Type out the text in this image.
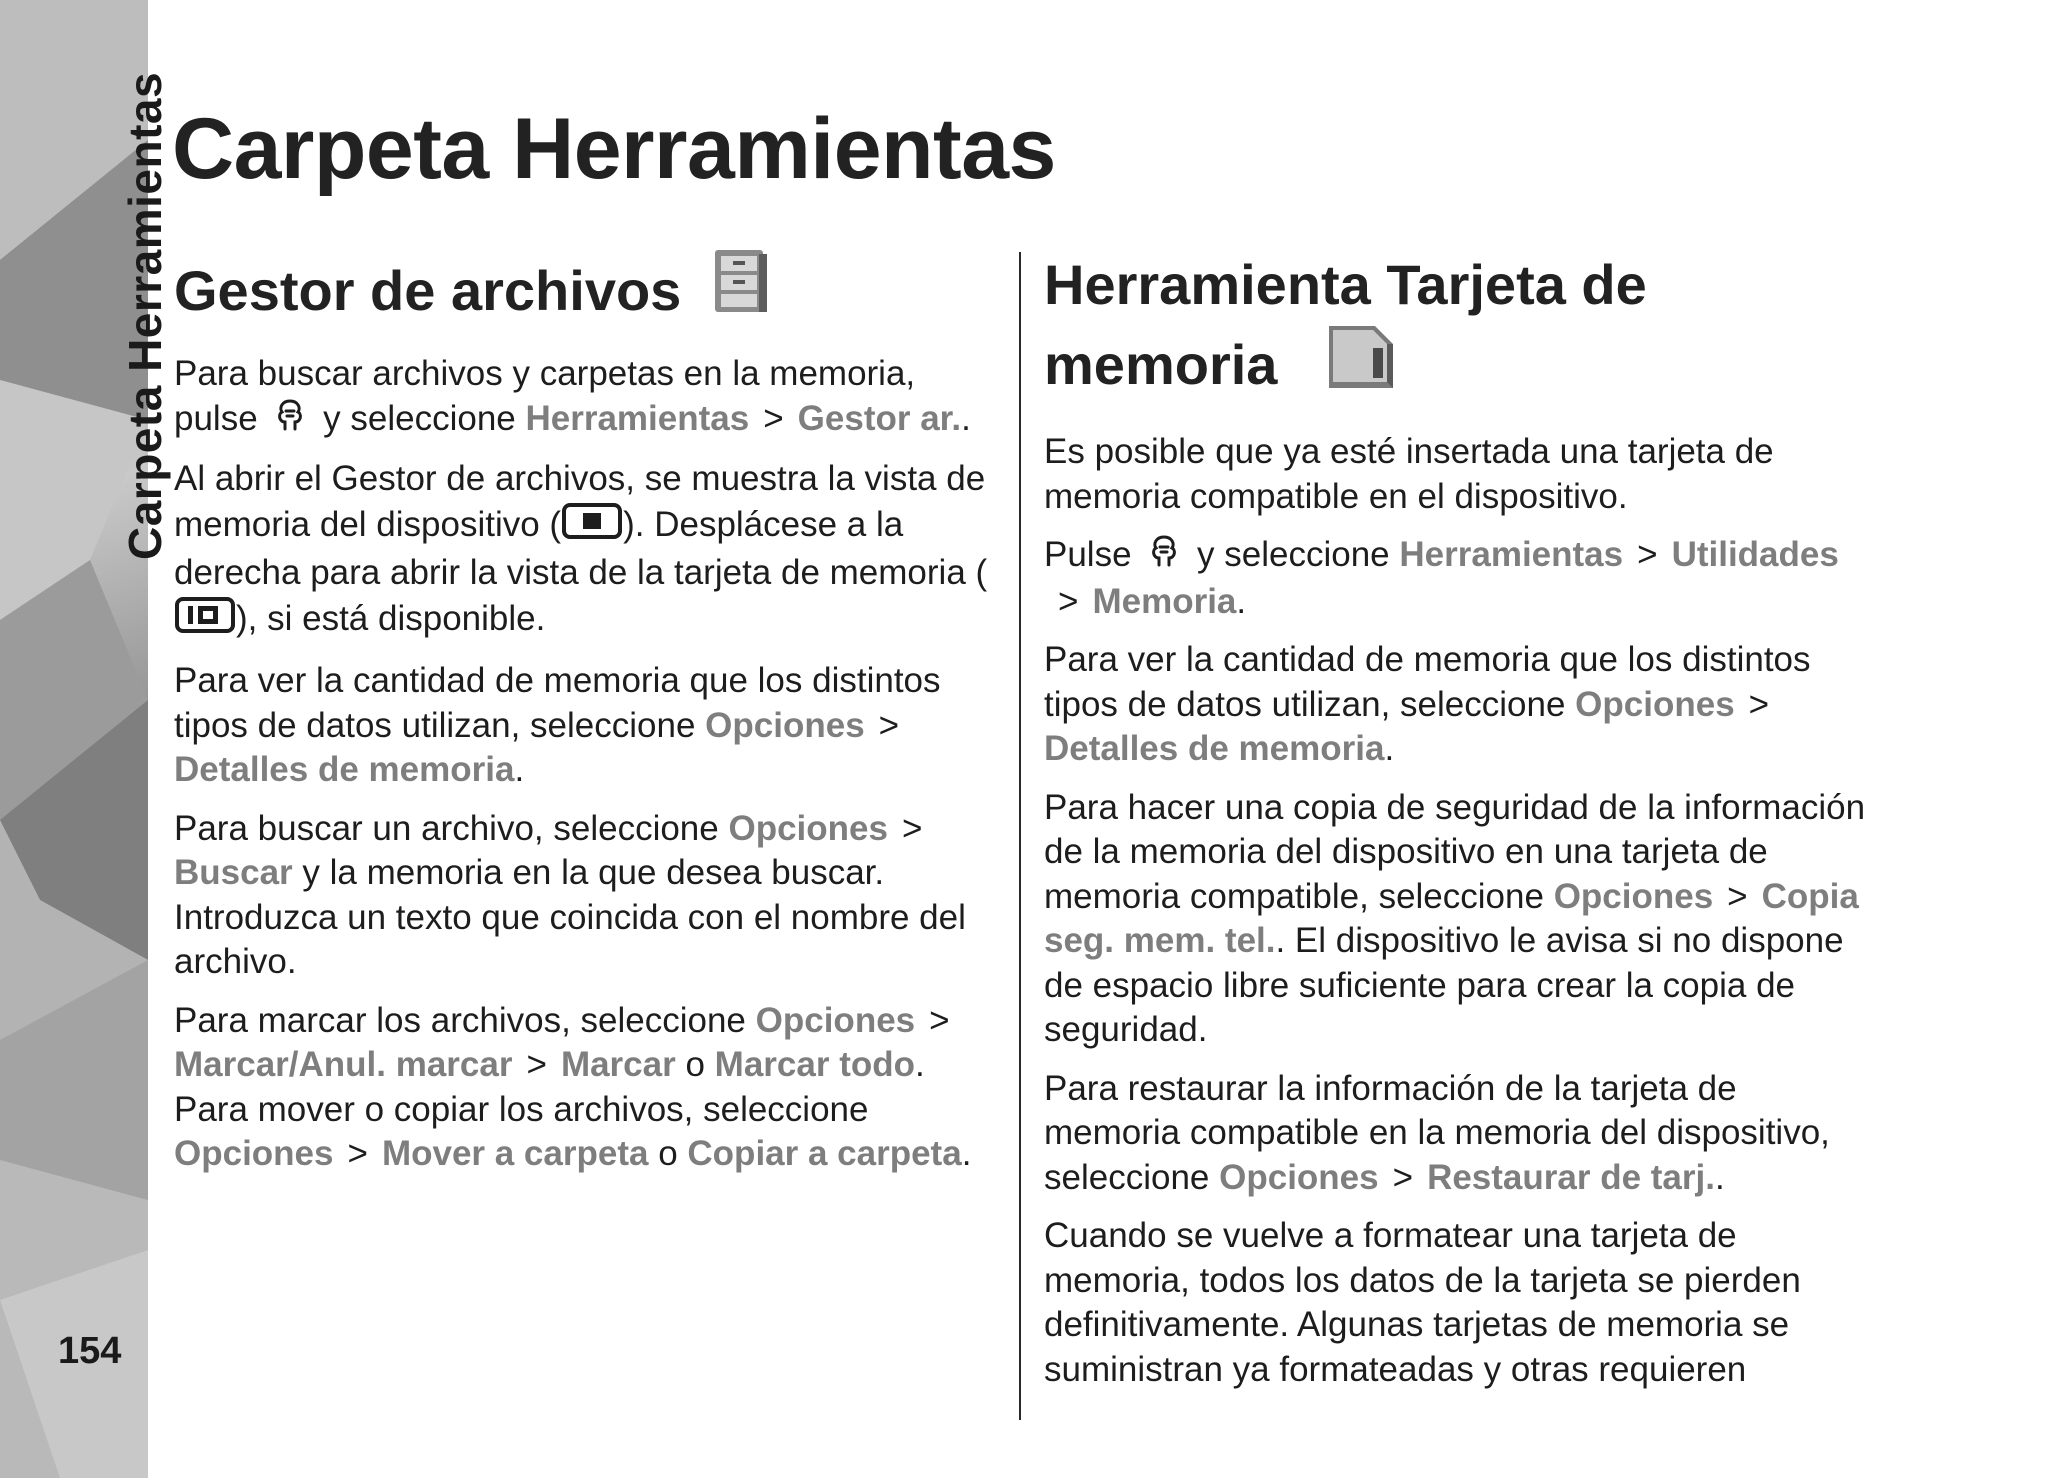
Carpeta Herramientas
154
Carpeta Herramientas
Gestor de archivos

Para buscar archivos y carpetas en la memoria, pulse y seleccione Herramientas > Gestor ar..

Al abrir el Gestor de archivos, se muestra la vista de memoria del dispositivo ( ). Desplácese a la derecha para abrir la vista de la tarjeta de memoria (), si está disponible.

Para ver la cantidad de memoria que los distintos tipos de datos utilizan, seleccione Opciones >Detalles de memoria.

Para buscar un archivo, seleccione Opciones >Buscar y la memoria en la que desea buscar. Introduzca un texto que coincida con el nombre del archivo.

Para marcar los archivos, seleccione Opciones >Marcar/Anul. marcar > Marcar o Marcar todo. Para mover o copiar los archivos, seleccione Opciones > Mover a carpeta o Copiar a carpeta.

Herramienta Tarjeta de
memoria

Es posible que ya esté insertada una tarjeta de memoria compatible en el dispositivo.

Pulse y seleccione Herramientas > Utilidades> Memoria.

Para ver la cantidad de memoria que los distintos tipos de datos utilizan, seleccione Opciones >Detalles de memoria.

Para hacer una copia de seguridad de la información de la memoria del dispositivo en una tarjeta de memoria compatible, seleccione Opciones > Copia seg. mem. tel.. El dispositivo le avisa si no dispone de espacio libre suficiente para crear la copia de seguridad.

Para restaurar la información de la tarjeta de memoria compatible en la memoria del dispositivo, seleccione Opciones > Restaurar de tarj..

Cuando se vuelve a formatear una tarjeta de memoria, todos los datos de la tarjeta se pierden definitivamente. Algunas tarjetas de memoria se suministran ya formateadas y otras requieren
